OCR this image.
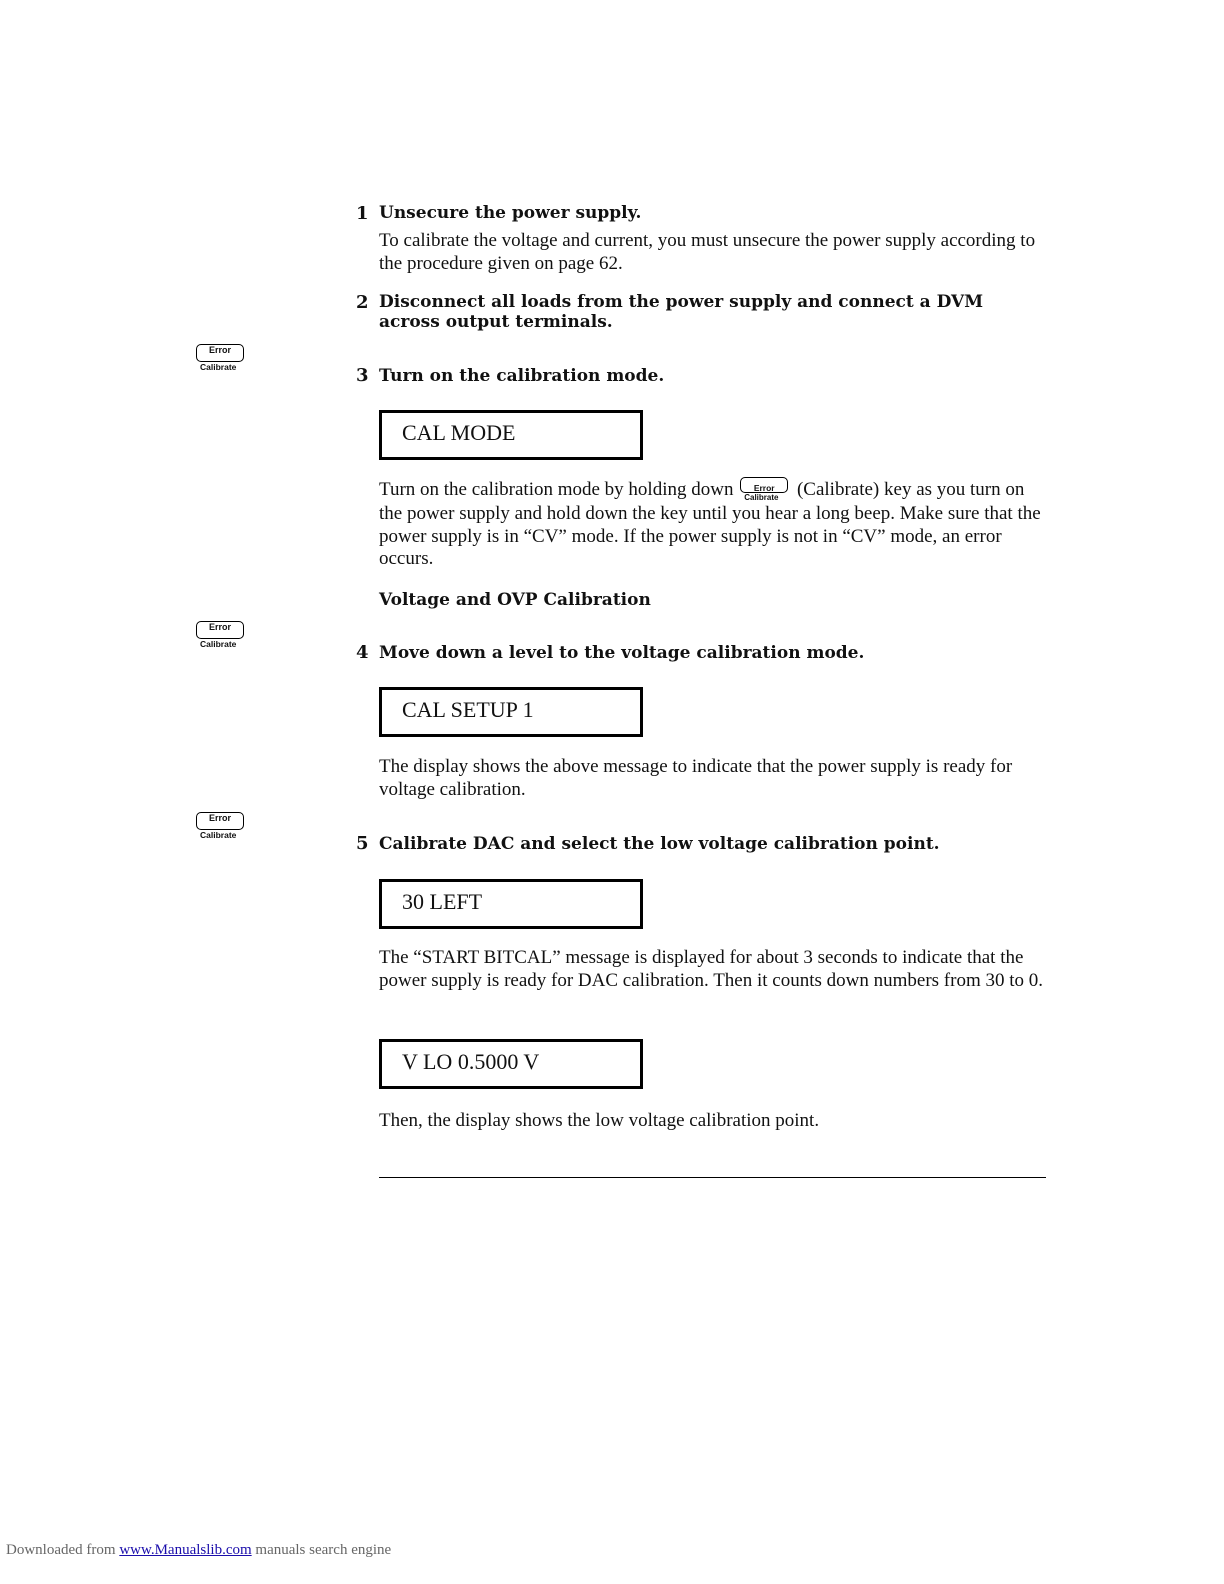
1 Unsecure the power supply.
To calibrate the voltage and current, you must unsecure the power supply according to the procedure given on page 62.
2 Disconnect all loads from the power supply and connect a DVM across output terminals.
Error
Calibrate	3 Turn on the calibration mode.
CAL MODE
Turn on the calibration mode by holding down	Error
Calibrate (Calibrate) key as you turn on the power supply and hold down the key until you hear a long beep. Make sure that the power supply is in “CV” mode. If the power supply is not in “CV” mode, an error occurs.
Voltage and OVP Calibration
Error
Calibrate	4 Move down a level to the voltage calibration mode.
CAL SETUP 1
The display shows the above message to indicate that the power supply is ready for voltage calibration.
Error
Calibrate	5 Calibrate DAC and select the low voltage calibration point.
30 LEFT
The “START BITCAL” message is displayed for about 3 seconds to indicate that the power supply is ready for DAC calibration. Then it counts down numbers from 30 to 0.
V LO 0.5000 V
Then, the display shows the low voltage calibration point.
Downloaded from www.Manualslib.com manuals search engine
